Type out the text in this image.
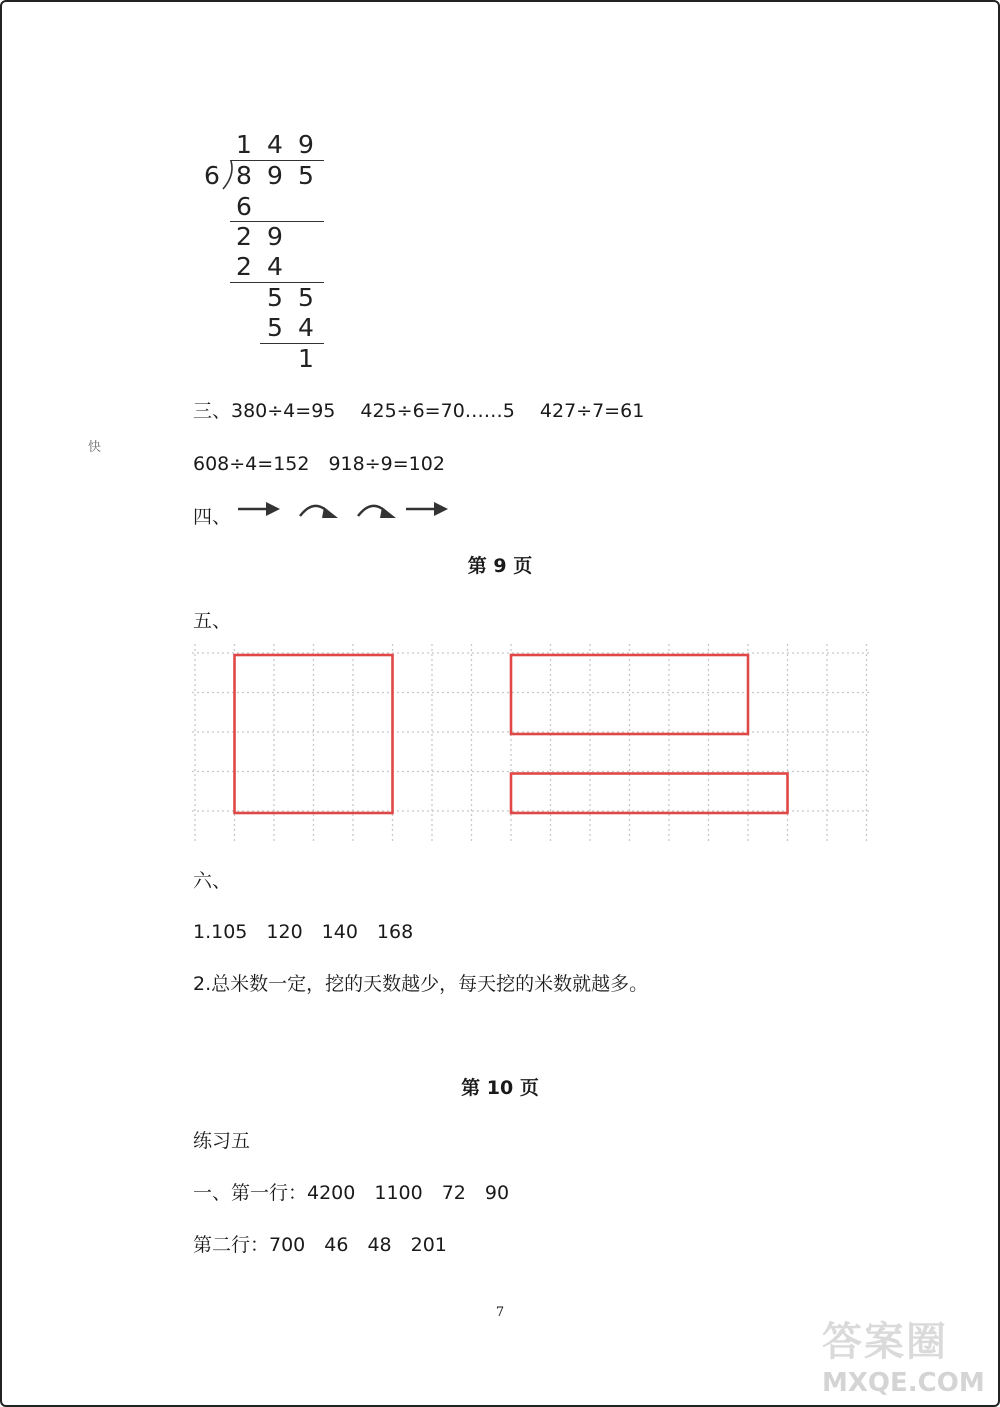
快
1 4 9
6 8 9 5
6
2 9
2 4
5 5
5 4
1
三、380÷4=95　 425÷6=70……5　 427÷7=61
608÷4=152　918÷9=102
四、
第 9 页
五、
六、
1.105　120　140　168
2.总米数一定，挖的天数越少，每天挖的米数就越多。
第 10 页
练习五
一、第一行：4200　1100　72　90
第二行：700　46　48　201
7
答案圈
MXQE.COM
